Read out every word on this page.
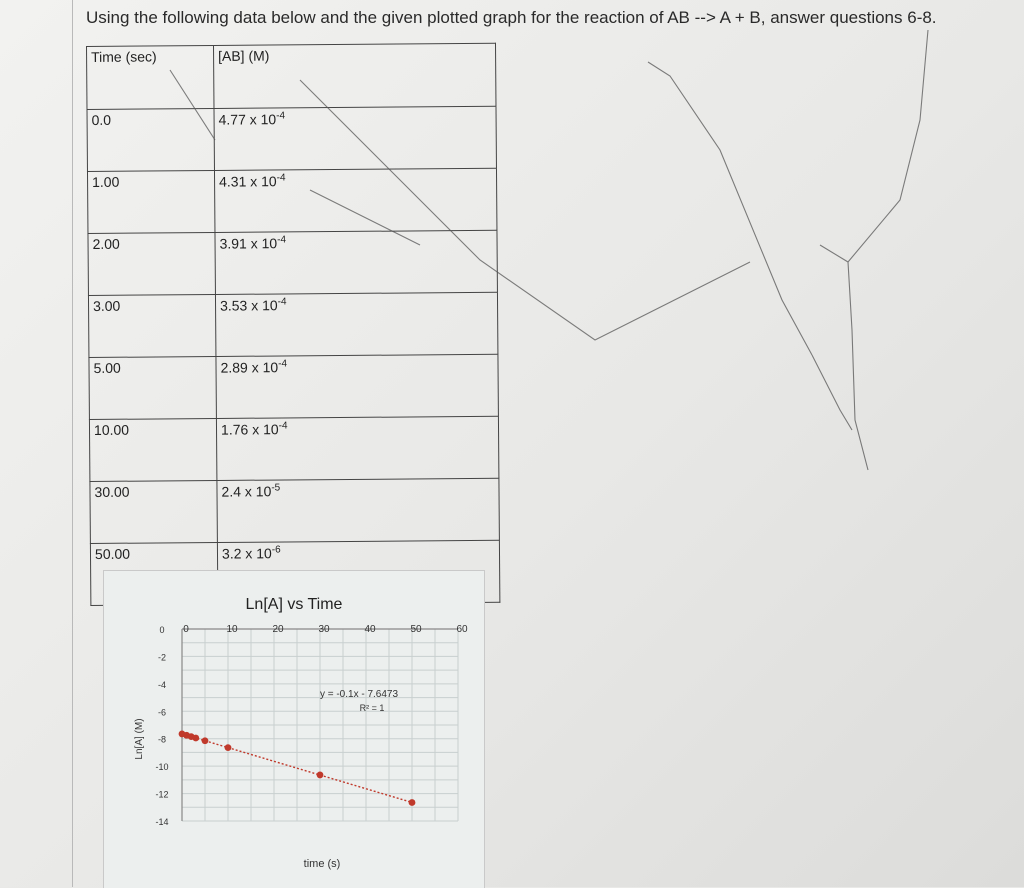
Using the following data below and the given plotted graph for the reaction of AB --> A + B, answer questions 6-8.
Time (sec)	[AB] (M)
0.0	4.77 x $10^{-4}$
1.00	4.31 x $10^{-4}$
2.00	3.91 x $10^{-4}$
3.00	3.53 x $10^{-4}$
5.00	2.89 x $10^{-4}$
10.00	1.76 x $10^{-4}$
30.00	2.4 x $10^{-5}$
50.00	3.2 x $10^{-6}$
Ln[A] vs Time
0	10	20	30	40	50	60
0
-2
-4
-6
-8
-10
-12
-14
y = -0.1x - 7.6473
R² = 1
time (s)
Ln[A] (M)
